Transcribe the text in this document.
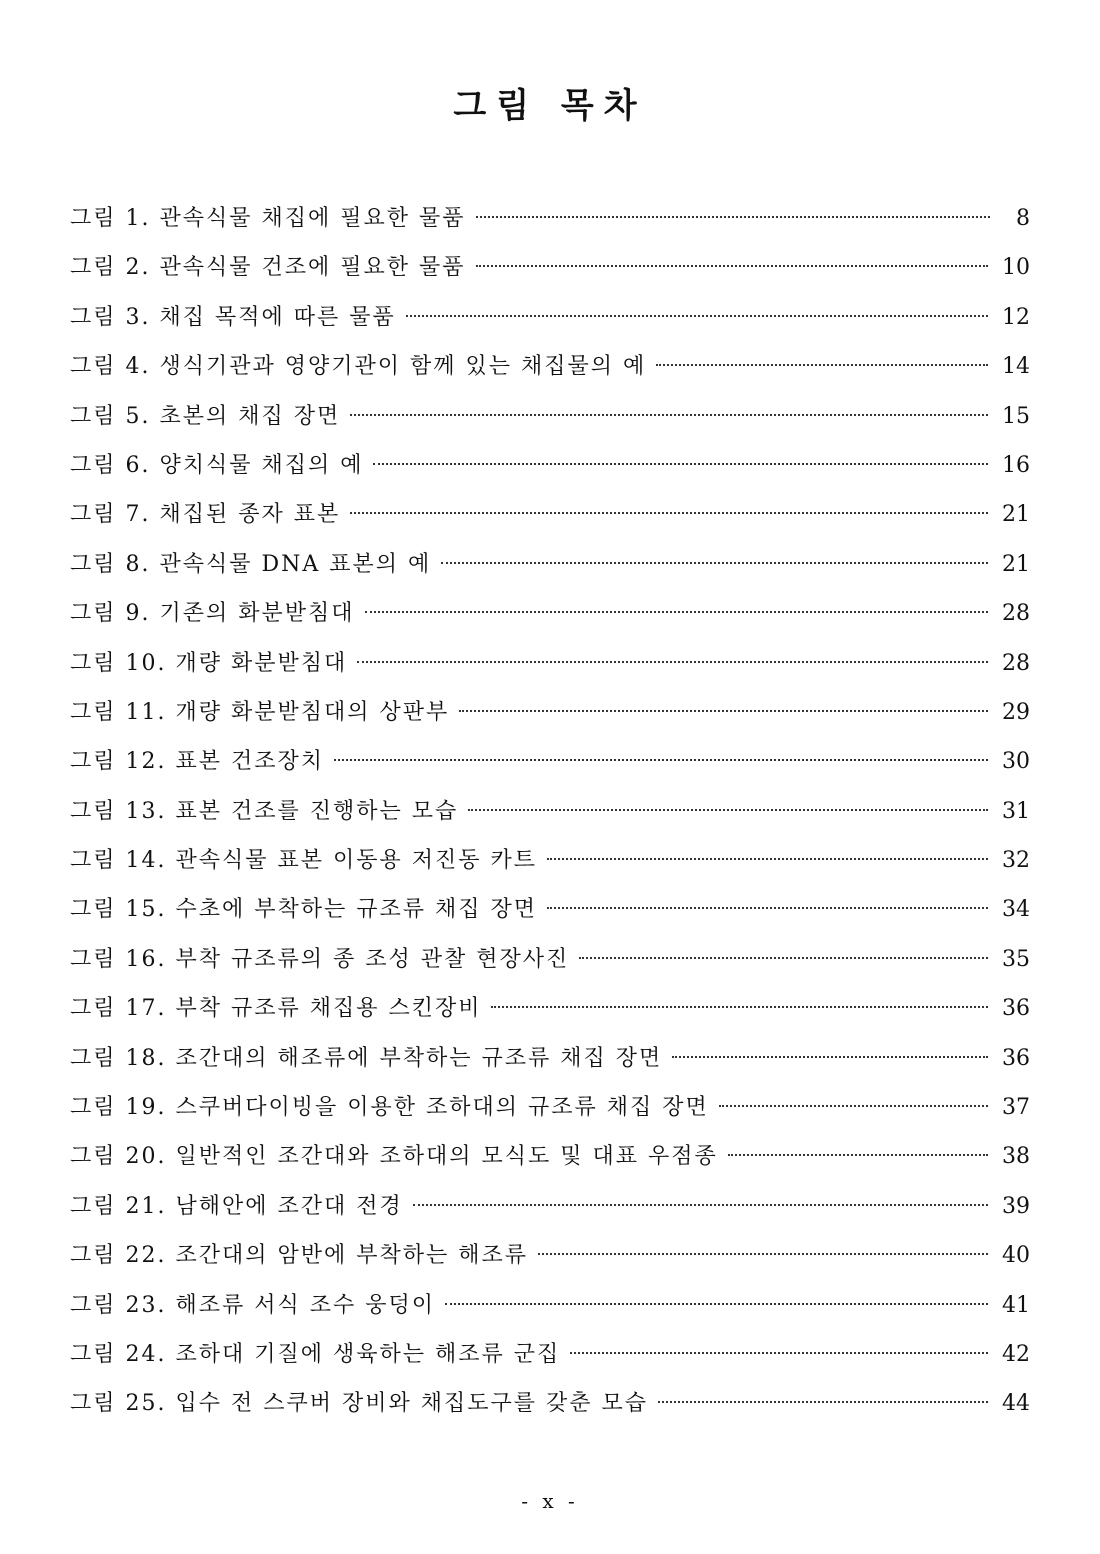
그림 목차
그림 1. 관속식물 채집에 필요한 물품	8
그림 2. 관속식물 건조에 필요한 물품	10
그림 3. 채집 목적에 따른 물품	12
그림 4. 생식기관과 영양기관이 함께 있는 채집물의 예	14
그림 5. 초본의 채집 장면	15
그림 6. 양치식물 채집의 예	16
그림 7. 채집된 종자 표본	21
그림 8. 관속식물 DNA 표본의 예	21
그림 9. 기존의 화분받침대	28
그림 10. 개량 화분받침대	28
그림 11. 개량 화분받침대의 상판부	29
그림 12. 표본 건조장치	30
그림 13. 표본 건조를 진행하는 모습	31
그림 14. 관속식물 표본 이동용 저진동 카트	32
그림 15. 수초에 부착하는 규조류 채집 장면	34
그림 16. 부착 규조류의 종 조성 관찰 현장사진	35
그림 17. 부착 규조류 채집용 스킨장비	36
그림 18. 조간대의 해조류에 부착하는 규조류 채집 장면	36
그림 19. 스쿠버다이빙을 이용한 조하대의 규조류 채집 장면	37
그림 20. 일반적인 조간대와 조하대의 모식도 및 대표 우점종	38
그림 21. 남해안에 조간대 전경	39
그림 22. 조간대의 암반에 부착하는 해조류	40
그림 23. 해조류 서식 조수 웅덩이	41
그림 24. 조하대 기질에 생육하는 해조류 군집	42
그림 25. 입수 전 스쿠버 장비와 채집도구를 갖춘 모습	44
- x -
